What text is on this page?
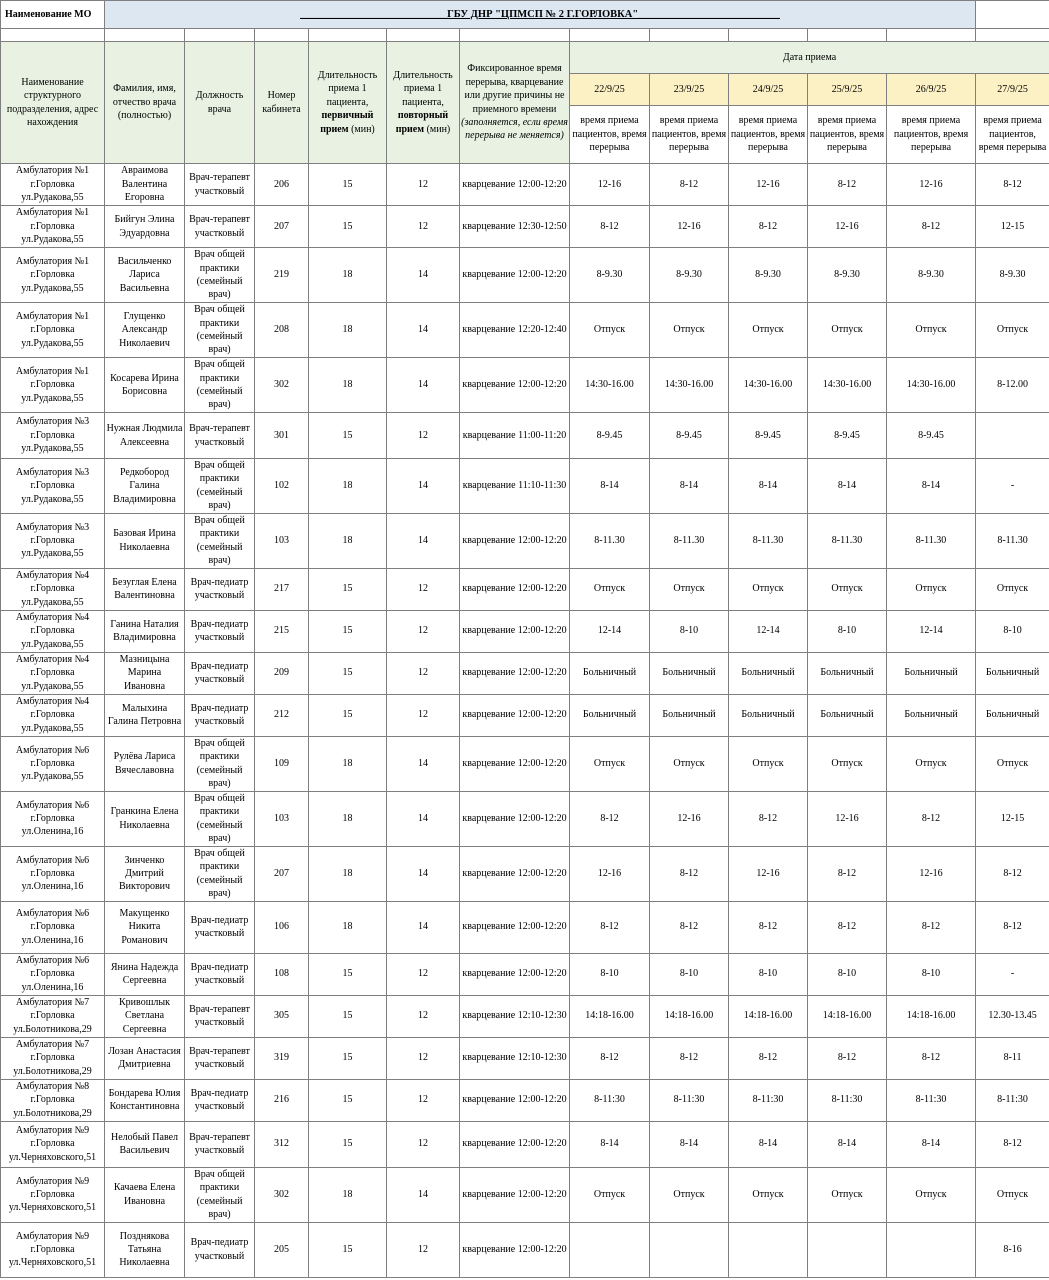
Наименование МО	____________________________ГБУ ДНР "ЦПМСП № 2 Г.ГОРЛОВКА"___________________________											

Наименование структурного подразделения, адрес нахождения	Фамилия, имя, отчество врача (полностью)	Должность врача	Номер кабинета	Длительность приема 1 пациента, первичный прием (мин)	Длительность приема 1 пациента, повторный прием (мин)	Фиксированное время перерыва, кварцевание или другие причины не приемного времени (заполняется, если время перерыва не меняется)	Дата приема					
							22/9/25	23/9/25	24/9/25	25/9/25	26/9/25	27/9/25
							время приема пациентов, время перерыва	время приема пациентов, время перерыва	время приема пациентов, время перерыва	время приема пациентов, время перерыва	время приема пациентов, время перерыва	время приема пациентов, время перерыва
Амбулатория №1 г.Горловка ул.Рудакова,55	Авраимова Валентина Егоровна	Врач-терапевт участковый	206	15	12	кварцевание 12:00-12:20	12-16	8-12	12-16	8-12	12-16	8-12
Амбулатория №1 г.Горловка ул.Рудакова,55	Бийгун Элина Эдуардовна	Врач-терапевт участковый	207	15	12	кварцевание 12:30-12:50	8-12	12-16	8-12	12-16	8-12	12-15
Амбулатория №1 г.Горловка ул.Рудакова,55	Васильченко Лариса Васильевна	Врач общей практики (семейный врач)	219	18	14	кварцевание 12:00-12:20	8-9.30	8-9.30	8-9.30	8-9.30	8-9.30	8-9.30
Амбулатория №1 г.Горловка ул.Рудакова,55	Глущенко Александр Николаевич	Врач общей практики (семейный врач)	208	18	14	кварцевание 12:20-12:40	Отпуск	Отпуск	Отпуск	Отпуск	Отпуск	Отпуск
Амбулатория №1 г.Горловка ул.Рудакова,55	Косарева Ирина Борисовна	Врач общей практики (семейный врач)	302	18	14	кварцевание 12:00-12:20	14:30-16.00	14:30-16.00	14:30-16.00	14:30-16.00	14:30-16.00	8-12.00
Амбулатория №3 г.Горловка ул.Рудакова,55	Нужная Людмила Алексеевна	Врач-терапевт участковый	301	15	12	кварцевание 11:00-11:20	8-9.45	8-9.45	8-9.45	8-9.45	8-9.45	
Амбулатория №3 г.Горловка ул.Рудакова,55	Редкобород Галина Владимировна	Врач общей практики (семейный врач)	102	18	14	кварцевание 11:10-11:30	8-14	8-14	8-14	8-14	8-14	-
Амбулатория №3 г.Горловка ул.Рудакова,55	Базовая Ирина Николаевна	Врач общей практики (семейный врач)	103	18	14	кварцевание 12:00-12:20	8-11.30	8-11.30	8-11.30	8-11.30	8-11.30	8-11.30
Амбулатория №4 г.Горловка ул.Рудакова,55	Безуглая Елена Валентиновна	Врач-педиатр участковый	217	15	12	кварцевание 12:00-12:20	Отпуск	Отпуск	Отпуск	Отпуск	Отпуск	Отпуск
Амбулатория №4 г.Горловка ул.Рудакова,55	Ганина Наталия Владимировна	Врач-педиатр участковый	215	15	12	кварцевание 12:00-12:20	12-14	8-10	12-14	8-10	12-14	8-10
Амбулатория №4 г.Горловка ул.Рудакова,55	Мазницына Марина Ивановна	Врач-педиатр участковый	209	15	12	кварцевание 12:00-12:20	Больничный	Больничный	Больничный	Больничный	Больничный	Больничный
Амбулатория №4 г.Горловка ул.Рудакова,55	Малыхина Галина Петровна	Врач-педиатр участковый	212	15	12	кварцевание 12:00-12:20	Больничный	Больничный	Больничный	Больничный	Больничный	Больничный
Амбулатория №6 г.Горловка ул.Рудакова,55	Рулёва Лариса Вячеславовна	Врач общей практики (семейный врач)	109	18	14	кварцевание 12:00-12:20	Отпуск	Отпуск	Отпуск	Отпуск	Отпуск	Отпуск
Амбулатория №6 г.Горловка ул.Оленина,16	Гранкина Елена Николаевна	Врач общей практики (семейный врач)	103	18	14	кварцевание 12:00-12:20	8-12	12-16	8-12	12-16	8-12	12-15
Амбулатория №6 г.Горловка ул.Оленина,16	Зинченко Дмитрий Викторович	Врач общей практики (семейный врач)	207	18	14	кварцевание 12:00-12:20	12-16	8-12	12-16	8-12	12-16	8-12
Амбулатория №6 г.Горловка ул.Оленина,16	Макущенко Никита Романович	Врач-педиатр участковый	106	18	14	кварцевание 12:00-12:20	8-12	8-12	8-12	8-12	8-12	8-12
Амбулатория №6 г.Горловка ул.Оленина,16	Янина Надежда Сергеевна	Врач-педиатр участковый	108	15	12	кварцевание 12:00-12:20	8-10	8-10	8-10	8-10	8-10	-
Амбулатория №7 г.Горловка ул.Болотникова,29	Кривошлык Светлана Сергеевна	Врач-терапевт участковый	305	15	12	кварцевание 12:10-12:30	14:18-16.00	14:18-16.00	14:18-16.00	14:18-16.00	14:18-16.00	12.30-13.45
Амбулатория №7 г.Горловка ул.Болотникова,29	Лозан Анастасия Дмитриевна	Врач-терапевт участковый	319	15	12	кварцевание 12:10-12:30	8-12	8-12	8-12	8-12	8-12	8-11
Амбулатория №8 г.Горловка ул.Болотникова,29	Бондарева Юлия Константиновна	Врач-педиатр участковый	216	15	12	кварцевание 12:00-12:20	8-11:30	8-11:30	8-11:30	8-11:30	8-11:30	8-11:30
Амбулатория №9 г.Горловка ул.Черняховского,51	Нелобый Павел Васильевич	Врач-терапевт участковый	312	15	12	кварцевание 12:00-12:20	8-14	8-14	8-14	8-14	8-14	8-12
Амбулатория №9 г.Горловка ул.Черняховского,51	Качаева Елена Ивановна	Врач общей практики (семейный врач)	302	18	14	кварцевание 12:00-12:20	Отпуск	Отпуск	Отпуск	Отпуск	Отпуск	Отпуск
Амбулатория №9 г.Горловка ул.Черняховского,51	Позднякова Татьяна Николаевна	Врач-педиатр участковый	205	15	12	кварцевание 12:00-12:20						8-16
